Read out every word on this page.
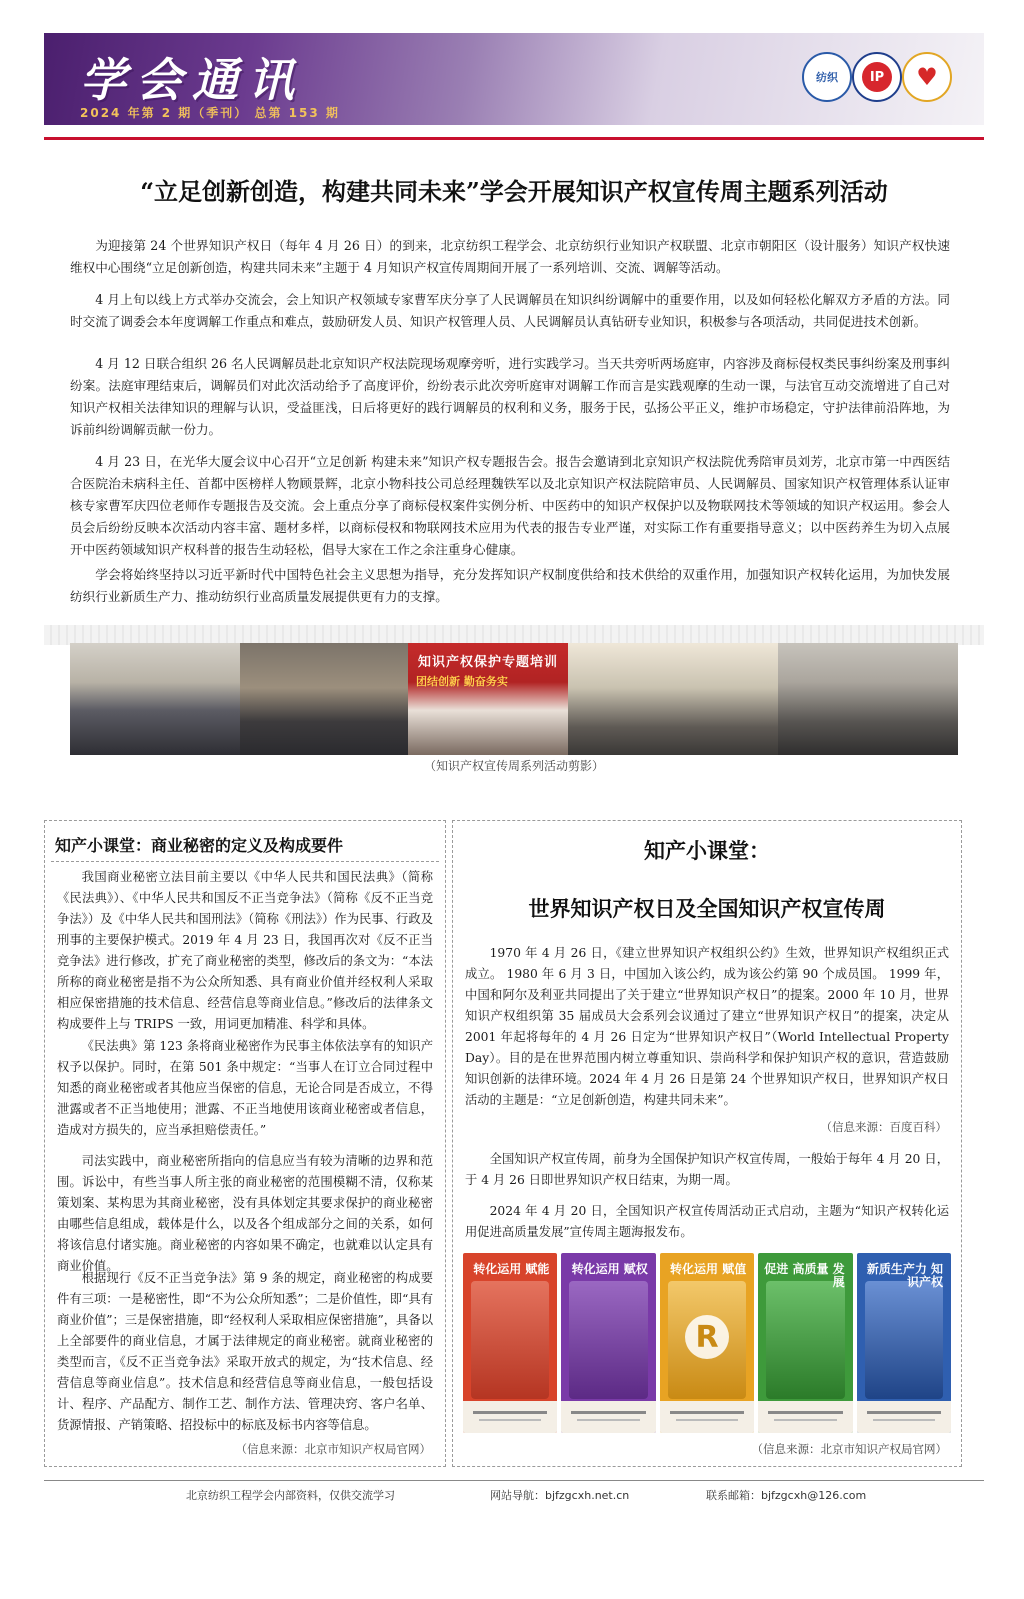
学会通讯
2024 年第 2 期（季刊） 总第 153 期
纺织	IP	♥
“立足创新创造，构建共同未来”学会开展知识产权宣传周主题系列活动

为迎接第 24 个世界知识产权日（每年 4 月 26 日）的到来，北京纺织工程学会、北京纺织行业知识产权联盟、北京市朝阳区（设计服务）知识产权快速维权中心围绕“立足创新创造，构建共同未来”主题于 4 月知识产权宣传周期间开展了一系列培训、交流、调解等活动。

4 月上旬以线上方式举办交流会，会上知识产权领域专家曹军庆分享了人民调解员在知识纠纷调解中的重要作用，以及如何轻松化解双方矛盾的方法。同时交流了调委会本年度调解工作重点和难点，鼓励研发人员、知识产权管理人员、人民调解员认真钻研专业知识，积极参与各项活动，共同促进技术创新。

4 月 12 日联合组织 26 名人民调解员赴北京知识产权法院现场观摩旁听，进行实践学习。当天共旁听两场庭审，内容涉及商标侵权类民事纠纷案及刑事纠纷案。法庭审理结束后，调解员们对此次活动给予了高度评价，纷纷表示此次旁听庭审对调解工作而言是实践观摩的生动一课，与法官互动交流增进了自己对知识产权相关法律知识的理解与认识，受益匪浅，日后将更好的践行调解员的权利和义务，服务于民，弘扬公平正义，维护市场稳定，守护法律前沿阵地，为诉前纠纷调解贡献一份力。

4 月 23 日，在光华大厦会议中心召开“立足创新 构建未来”知识产权专题报告会。报告会邀请到北京知识产权法院优秀陪审员刘芳，北京市第一中西医结合医院治未病科主任、首都中医榜样人物顾景辉，北京小物科技公司总经理魏铁军以及北京知识产权法院陪审员、人民调解员、国家知识产权管理体系认证审核专家曹军庆四位老师作专题报告及交流。会上重点分享了商标侵权案件实例分析、中医药中的知识产权保护以及物联网技术等领域的知识产权运用。参会人员会后纷纷反映本次活动内容丰富、题材多样，以商标侵权和物联网技术应用为代表的报告专业严谨，对实际工作有重要指导意义；以中医药养生为切入点展开中医药领域知识产权科普的报告生动轻松，倡导大家在工作之余注重身心健康。

学会将始终坚持以习近平新时代中国特色社会主义思想为指导，充分发挥知识产权制度供给和技术供给的双重作用，加强知识产权转化运用，为加快发展纺织行业新质生产力、推动纺织行业高质量发展提供更有力的支撑。

知识产权保护专题培训
团结创新 勤奋务实
（知识产权宣传周系列活动剪影）
知产小课堂：商业秘密的定义及构成要件

我国商业秘密立法目前主要以《中华人民共和国民法典》（简称《民法典》）、《中华人民共和国反不正当竞争法》（简称《反不正当竞争法》）及《中华人民共和国刑法》（简称《刑法》）作为民事、行政及刑事的主要保护模式。2019 年 4 月 23 日，我国再次对《反不正当竞争法》进行修改，扩充了商业秘密的类型，修改后的条文为：“本法所称的商业秘密是指不为公众所知悉、具有商业价值并经权利人采取相应保密措施的技术信息、经营信息等商业信息。”修改后的法律条文构成要件上与 TRIPS 一致，用词更加精准、科学和具体。

《民法典》第 123 条将商业秘密作为民事主体依法享有的知识产权予以保护。同时，在第 501 条中规定：“当事人在订立合同过程中知悉的商业秘密或者其他应当保密的信息，无论合同是否成立，不得泄露或者不正当地使用；泄露、不正当地使用该商业秘密或者信息，造成对方损失的，应当承担赔偿责任。”

司法实践中，商业秘密所指向的信息应当有较为清晰的边界和范围。诉讼中，有些当事人所主张的商业秘密的范围模糊不清，仅称某策划案、某构思为其商业秘密，没有具体划定其要求保护的商业秘密由哪些信息组成，载体是什么，以及各个组成部分之间的关系，如何将该信息付诸实施。商业秘密的内容如果不确定，也就难以认定具有商业价值。

根据现行《反不正当竞争法》第 9 条的规定，商业秘密的构成要件有三项：一是秘密性，即“不为公众所知悉”；二是价值性，即“具有商业价值”；三是保密措施，即“经权利人采取相应保密措施”，具备以上全部要件的商业信息，才属于法律规定的商业秘密。就商业秘密的类型而言，《反不正当竞争法》采取开放式的规定，为“技术信息、经营信息等商业信息”。技术信息和经营信息等商业信息，一般包括设计、程序、产品配方、制作工艺、制作方法、管理决窍、客户名单、货源情报、产销策略、招投标中的标底及标书内容等信息。

（信息来源：北京市知识产权局官网）
知产小课堂：
世界知识产权日及全国知识产权宣传周

1970 年 4 月 26 日，《建立世界知识产权组织公约》生效，世界知识产权组织正式成立。 1980 年 6 月 3 日，中国加入该公约，成为该公约第 90 个成员国。 1999 年，中国和阿尔及利亚共同提出了关于建立“世界知识产权日”的提案。2000 年 10 月，世界知识产权组织第 35 届成员大会系列会议通过了建立“世界知识产权日”的提案，决定从 2001 年起将每年的 4 月 26 日定为“世界知识产权日”（World Intellectual Property Day）。目的是在世界范围内树立尊重知识、崇尚科学和保护知识产权的意识，营造鼓励知识创新的法律环境。2024 年 4 月 26 日是第 24 个世界知识产权日，世界知识产权日活动的主题是：“立足创新创造，构建共同未来”。

（信息来源：百度百科）

全国知识产权宣传周，前身为全国保护知识产权宣传周，一般始于每年 4 月 20 日，于 4 月 26 日即世界知识产权日结束，为期一周。

2024 年 4 月 20 日，全国知识产权宣传周活动正式启动，主题为“知识产权转化运用促进高质量发展”宣传周主题海报发布。

转化运用 赋能 转化运用 赋权 转化运用 赋值
R
促进 高质量 发展
新质生产力 知识产权
（信息来源：北京市知识产权局官网）
北京纺织工程学会内部资料，仅供交流学习	网站导航：bjfzgcxh.net.cn	联系邮箱：bjfzgcxh@126.com
